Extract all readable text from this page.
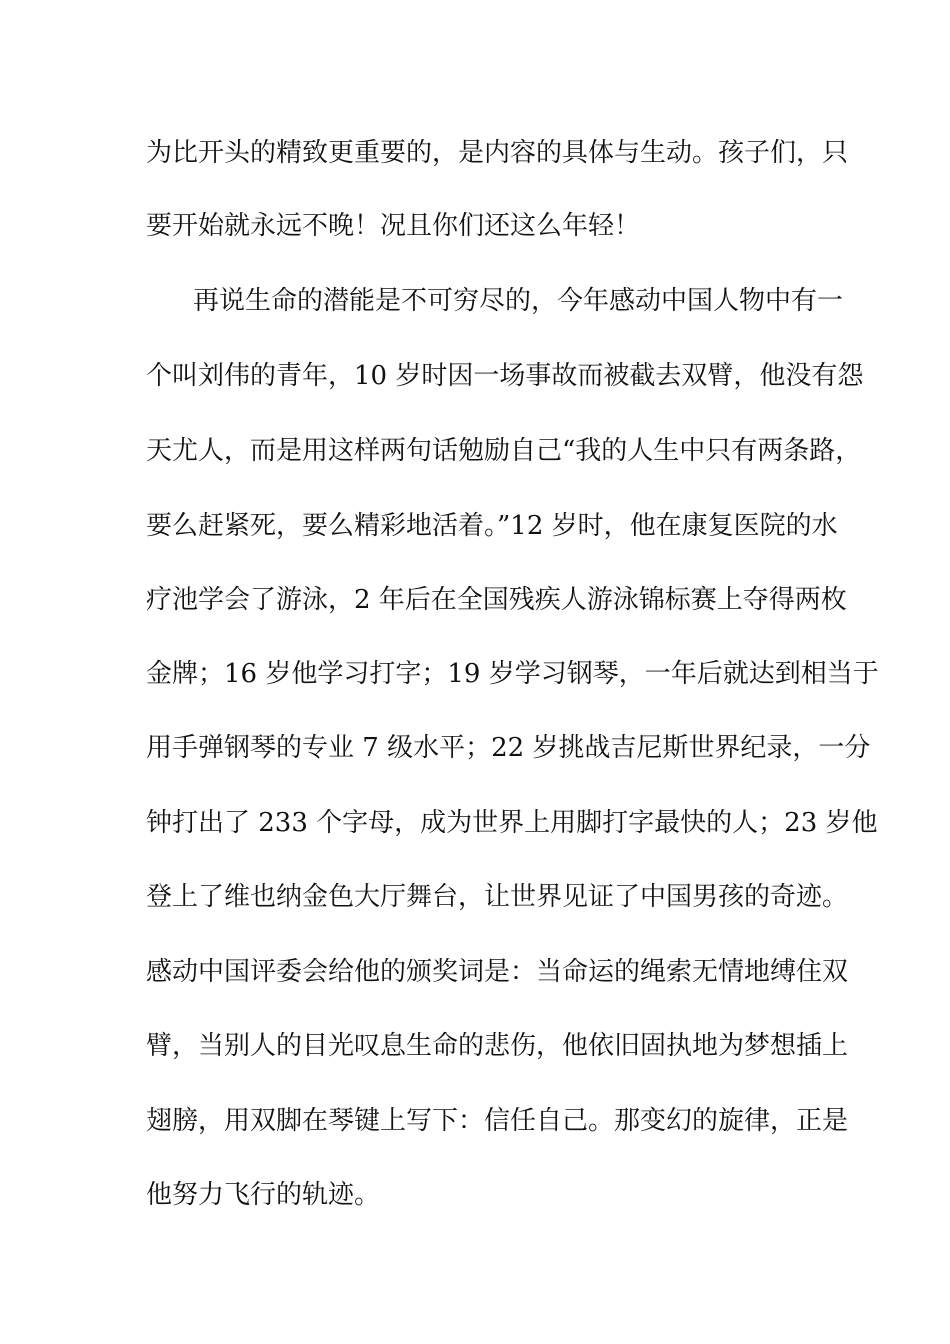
为比开头的精致更重要的，是内容的具体与生动。孩子们，只
要开始就永远不晚！况且你们还这么年轻！
再说生命的潜能是不可穷尽的，今年感动中国人物中有一
个叫刘伟的青年，10 岁时因一场事故而被截去双臂，他没有怨
天尤人，而是用这样两句话勉励自己“我的人生中只有两条路，
要么赶紧死，要么精彩地活着。”12 岁时，他在康复医院的水
疗池学会了游泳，2 年后在全国残疾人游泳锦标赛上夺得两枚
金牌；16 岁他学习打字；19 岁学习钢琴，一年后就达到相当于
用手弹钢琴的专业 7 级水平；22 岁挑战吉尼斯世界纪录，一分
钟打出了 233 个字母，成为世界上用脚打字最快的人；23 岁他
登上了维也纳金色大厅舞台，让世界见证了中国男孩的奇迹。
感动中国评委会给他的颁奖词是：当命运的绳索无情地缚住双
臂，当别人的目光叹息生命的悲伤，他依旧固执地为梦想插上
翅膀，用双脚在琴键上写下：信任自己。那变幻的旋律，正是
他努力飞行的轨迹。
